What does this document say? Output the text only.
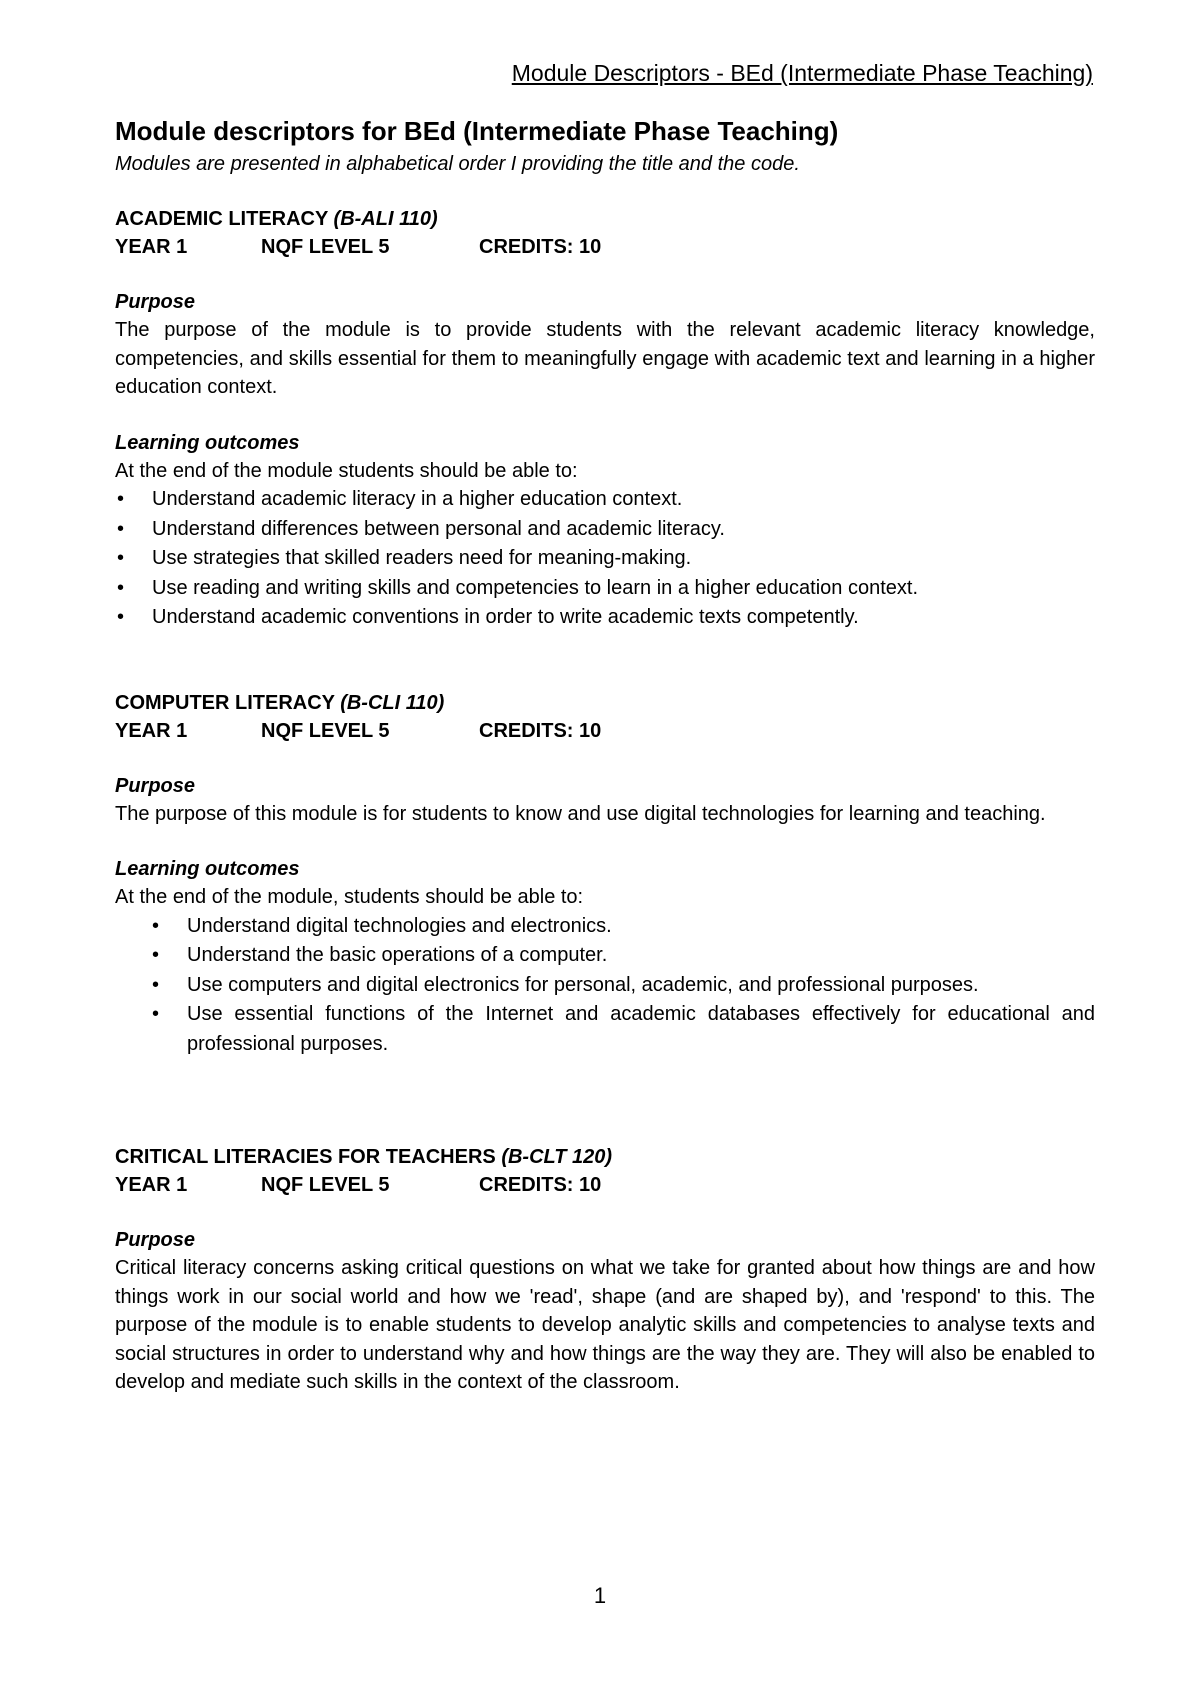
Module Descriptors - BEd (Intermediate Phase Teaching)
Module descriptors for BEd (Intermediate Phase Teaching)

Modules are presented in alphabetical order I providing the title and the code.

ACADEMIC LITERACY (B-ALI 110)

YEAR 1	NQF LEVEL 5	CREDITS: 10

Purpose

The purpose of the module is to provide students with the relevant academic literacy knowledge, competencies, and skills essential for them to meaningfully engage with academic text and learning in a higher education context.

Learning outcomes

At the end of the module students should be able to:

• Understand academic literacy in a higher education context.
• Understand differences between personal and academic literacy.
• Use strategies that skilled readers need for meaning-making.
• Use reading and writing skills and competencies to learn in a higher education context.
• Understand academic conventions in order to write academic texts competently.

COMPUTER LITERACY (B-CLI 110)

YEAR 1	NQF LEVEL 5	CREDITS: 10

Purpose

The purpose of this module is for students to know and use digital technologies for learning and teaching.

Learning outcomes

At the end of the module, students should be able to:

• Understand digital technologies and electronics.
• Understand the basic operations of a computer.
• Use computers and digital electronics for personal, academic, and professional purposes.
• Use essential functions of the Internet and academic databases effectively for educational and professional purposes.

CRITICAL LITERACIES FOR TEACHERS (B-CLT 120)

YEAR 1	NQF LEVEL 5	CREDITS: 10

Purpose

Critical literacy concerns asking critical questions on what we take for granted about how things are and how things work in our social world and how we 'read', shape (and are shaped by), and 'respond' to this. The purpose of the module is to enable students to develop analytic skills and competencies to analyse texts and social structures in order to understand why and how things are the way they are. They will also be enabled to develop and mediate such skills in the context of the classroom.

1
